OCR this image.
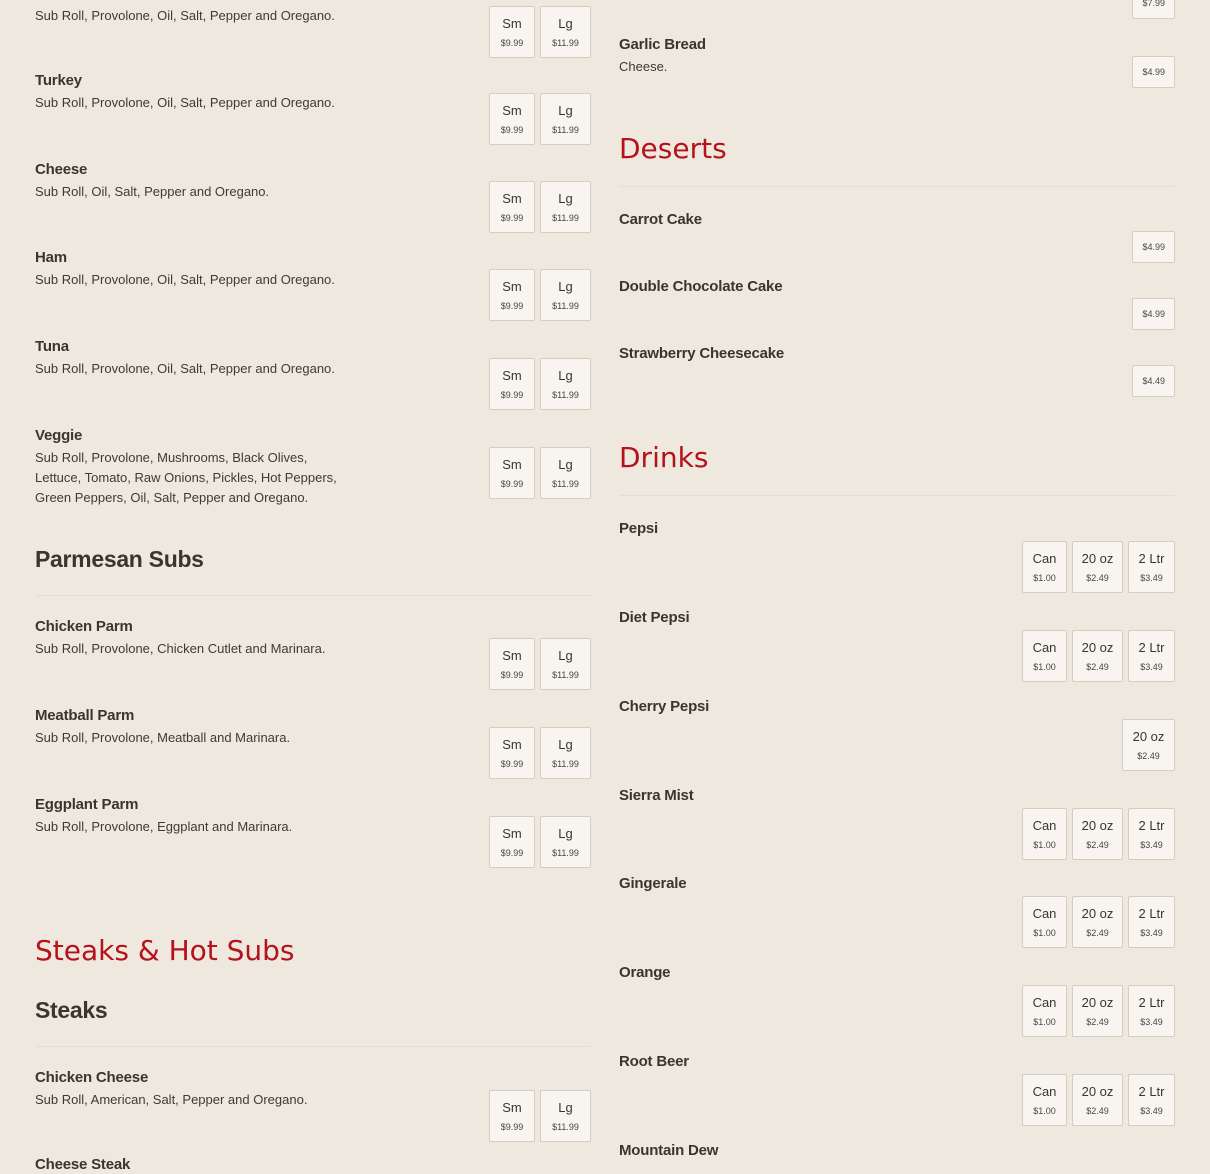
Sub Roll, Provolone, Oil, Salt, Pepper and Oregano.	Sm
$9.99
Lg
$11.99
Turkey
Sub Roll, Provolone, Oil, Salt, Pepper and Oregano.	Sm
$9.99
Lg
$11.99
Cheese
Sub Roll, Oil, Salt, Pepper and Oregano.	Sm
$9.99
Lg
$11.99
Ham
Sub Roll, Provolone, Oil, Salt, Pepper and Oregano.	Sm
$9.99
Lg
$11.99
Tuna
Sub Roll, Provolone, Oil, Salt, Pepper and Oregano.	Sm
$9.99
Lg
$11.99
Veggie
Sub Roll, Provolone, Mushrooms, Black Olives, Lettuce, Tomato, Raw Onions, Pickles, Hot Peppers, Green Peppers, Oil, Salt, Pepper and Oregano.
Sm
$9.99
Lg
$11.99
Parmesan Subs
Chicken Parm
Sub Roll, Provolone, Chicken Cutlet and Marinara.	Sm
$9.99
Lg
$11.99
Meatball Parm
Sub Roll, Provolone, Meatball and Marinara.	Sm
$9.99
Lg
$11.99
Eggplant Parm
Sub Roll, Provolone, Eggplant and Marinara.	Sm
$9.99
Lg
$11.99
Steaks & Hot Subs
Steaks
Chicken Cheese
Sub Roll, American, Salt, Pepper and Oregano.	Sm
$9.99
Lg
$11.99
Cheese Steak
$7.99
Garlic Bread
Cheese.	$4.99
Deserts
Carrot Cake
$4.99
Double Chocolate Cake
$4.99
Strawberry Cheesecake
$4.49
Drinks
Pepsi
Can
$1.00
20 oz
$2.49
2 Ltr
$3.49
Diet Pepsi
Can
$1.00
20 oz
$2.49
2 Ltr
$3.49
Cherry Pepsi
20 oz
$2.49
Sierra Mist
Can
$1.00
20 oz
$2.49
2 Ltr
$3.49
Gingerale
Can
$1.00
20 oz
$2.49
2 Ltr
$3.49
Orange
Can
$1.00
20 oz
$2.49
2 Ltr
$3.49
Root Beer
Can
$1.00
20 oz
$2.49
2 Ltr
$3.49
Mountain Dew
